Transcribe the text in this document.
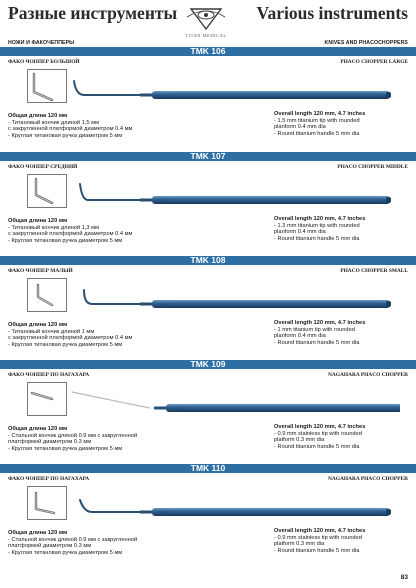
Разные инструменты
TITAN MEDICAL
Various instruments
НОЖИ И ФАКОЧЕППЕРЫ	KNIVES AND PHACOCHOPPERS
TMK 106
ФАКО ЧОППЕР БОЛЬШОЙ	PHACO CHOPPER LARGE
Общая длина 120 мм
- Титановый кончик длиной 1,5 мм
с закругленной платформой диаметром 0.4 мм
- Круглая титановая ручка диаметром 5 мм
Overall length 120 mm, 4.7 inches
- 1.5 mm titanium tip with rounded
planform 0.4 mm dia
- Round titanium handle 5 mm dia
TMK 107
ФАКО ЧОППЕР СРЕДНИЙ	PHACO CHOPPER MIDDLE
Общая длина 120 мм
- Титановый кончик длиной 1,3 мм
с закругленной платформой диаметром 0.4 мм
- Круглая титановая ручка диаметром 5 мм
Overall length 120 mm, 4.7 inches
- 1.3 mm titanium tip with rounded
planform 0.4 mm dia
- Round titanium handle 5 mm dia
TMK 108
ФАКО ЧОППЕР МАЛЫЙ	PHACO CHOPPER SMALL
Общая длина 120 мм
- Титановый кончик длиной 1 мм
с закругленной платформой диаметром 0.4 мм
- Круглая титановая ручка диаметром 5 мм
Overall length 120 mm, 4.7 inches
- 1 mm titanium tip with rounded
planform 0.4 mm dia
- Round titanium handle 5 mm dia
TMK 109
ФАКО ЧОППЕР ПО НАГАХАРА	NAGAHARA PHACO CHOPPER
Общая длина 120 мм
- Стальной кончик длиной 0.9 мм с закругленной
платформой диаметром 0.3 мм
- Круглая титановая ручка диаметром 5 мм
Overall length 120 mm, 4.7 inches
- 0.9 mm stainless tip with rounded
platform 0.3 mm dia
- Round titanium handle 5 mm dia
TMK 110
ФАКО ЧОППЕР ПО НАГАХАРА	NAGAHARA PHACO CHOPPER
Общая длина 120 мм
- Стальной кончик длиной 0.9 мм с закругленной
платформой диаметром 0.3 мм
- Круглая титановая ручка диаметром 5 мм
Overall length 120 mm, 4.7 inches
- 0.9 mm stainless tip with rounded
platform 0.3 mm dia
- Round titanium handle 5 mm dia
83
